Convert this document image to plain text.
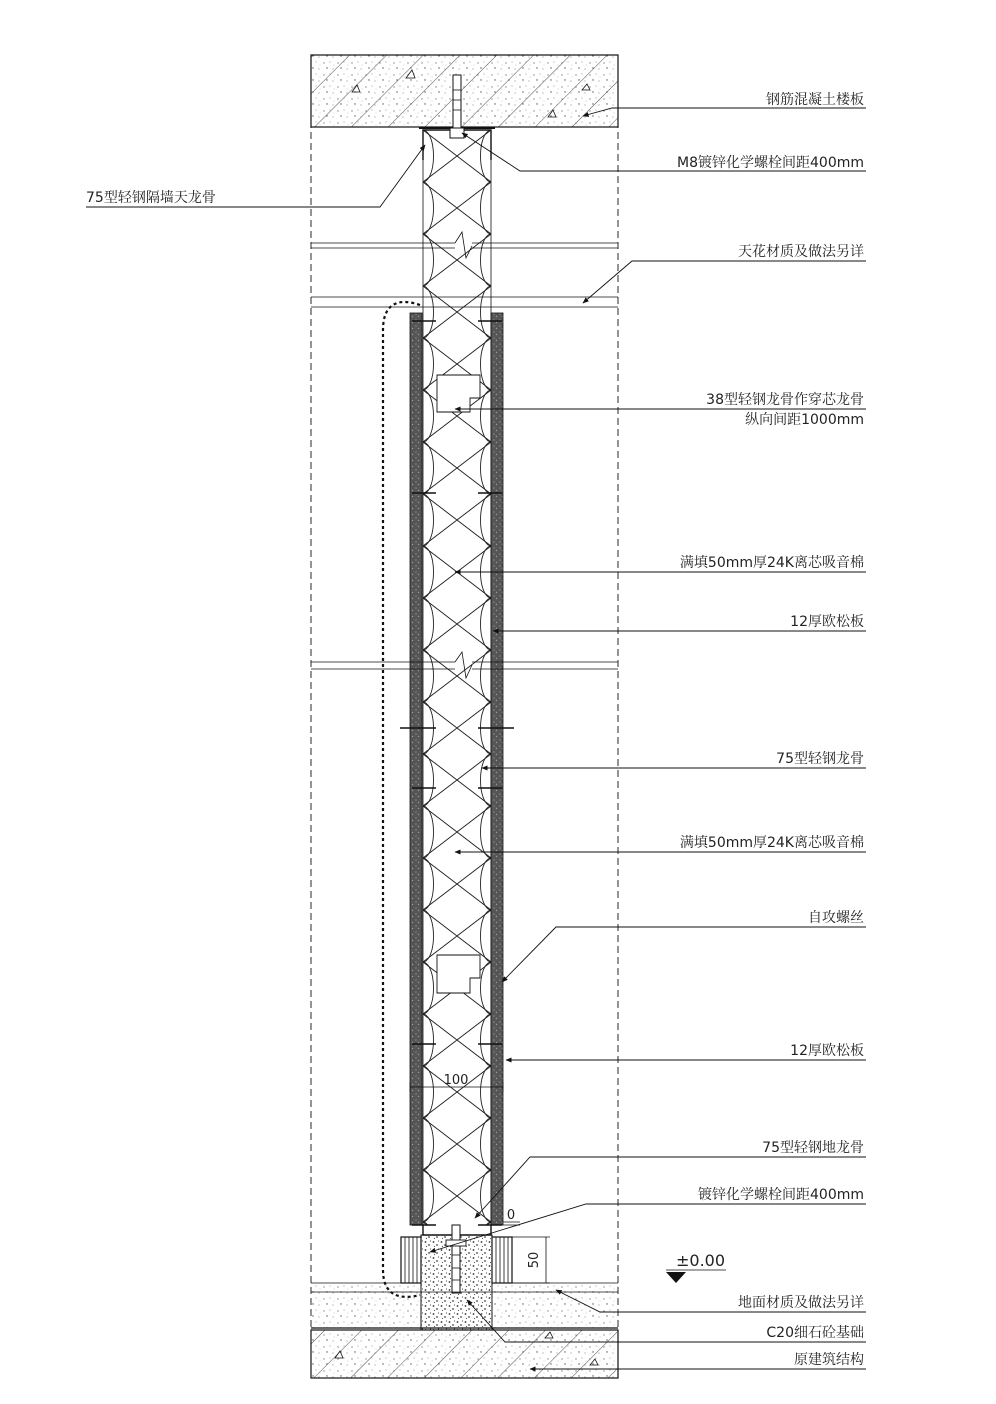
钢筋混凝土楼板
M8镀锌化学螺栓间距400mm
75型轻钢隔墙天龙骨
天花材质及做法另详
38型轻钢龙骨作穿芯龙骨
纵向间距1000mm
满填50mm厚24K离芯吸音棉
12厚欧松板
75型轻钢龙骨
满填50mm厚24K离芯吸音棉
自攻螺丝
12厚欧松板
75型轻钢地龙骨
镀锌化学螺栓间距400mm
地面材质及做法另详
C20细石砼基础
原建筑结构
100
50
0
±0.00
